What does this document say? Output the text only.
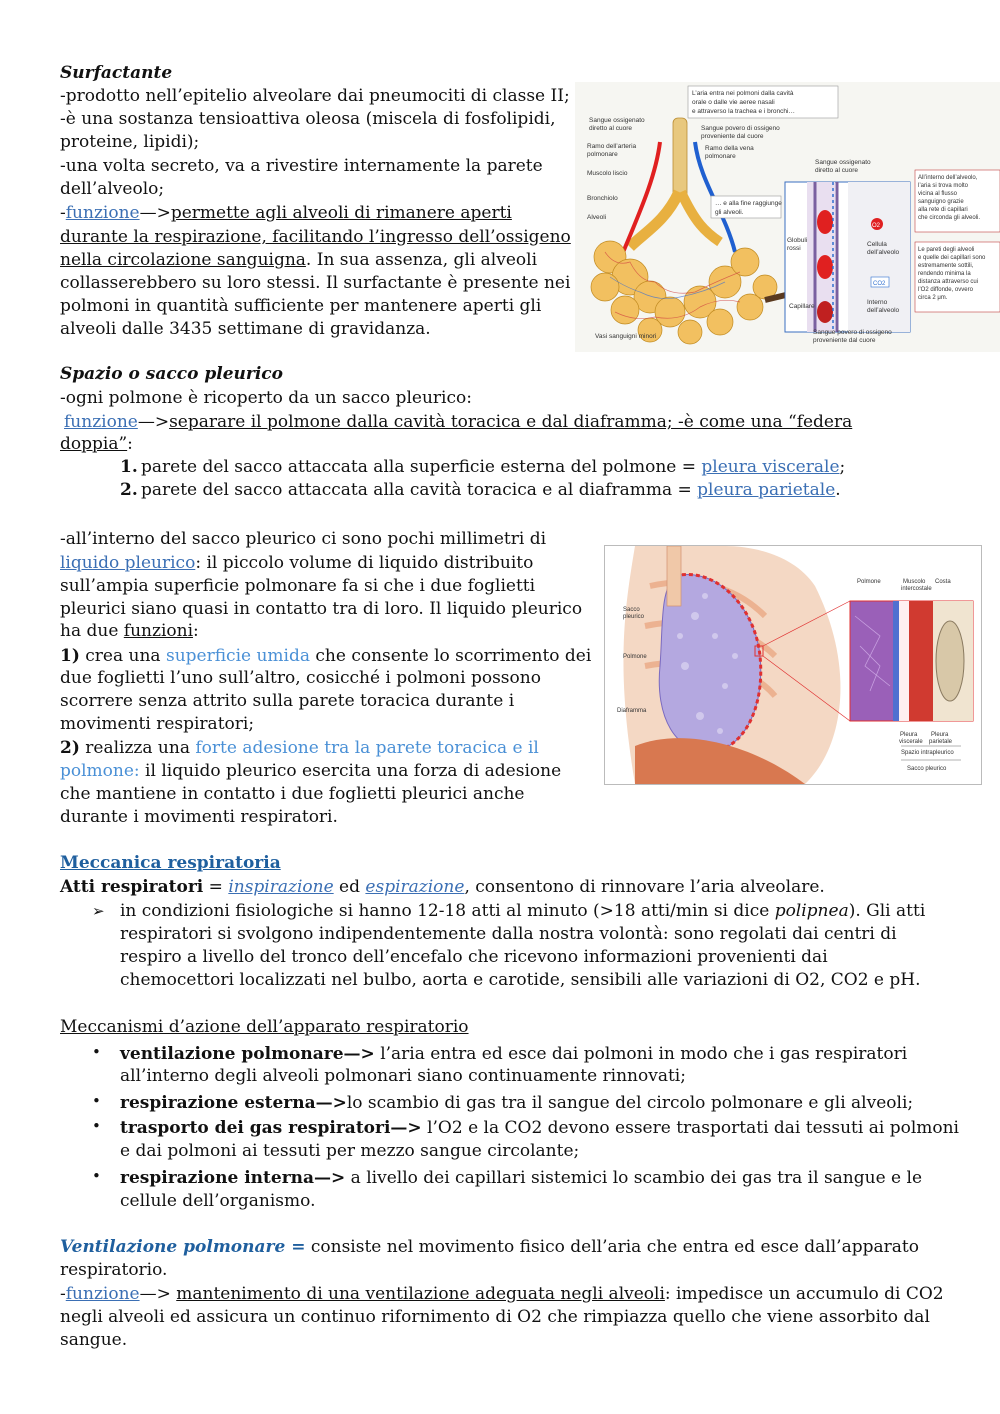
Surfactante
-prodotto nell’epitelio alveolare dai pneumociti di classe II;
-è una sostanza tensioattiva oleosa (miscela di fosfolipidi,
proteine, lipidi);
-una volta secreto, va a rivestire internamente la parete
dell’alveolo;
-funzione—>permette agli alveoli di rimanere aperti
durante la respirazione, facilitando l’ingresso dell’ossigeno
nella circolazione sanguigna. In sua assenza, gli alveoli
collasserebbero su loro stessi. Il surfactante è presente nei
polmoni in quantità sufficiente per mantenere aperti gli
alveoli dalle 3435 settimane di gravidanza.
L’aria entra nei polmoni dalla cavità
orale o dalle vie aeree nasali
e attraverso la trachea e i bronchi…
Sangue ossigenato
diretto al cuore
Ramo dell’arteria
polmonare
Muscolo liscio
Bronchiolo
Alveoli
Sangue povero di ossigeno
proveniente dal cuore
Ramo della vena
polmonare
… e alla fine raggiunge
gli alveoli.
O2
CO2
Sangue ossigenato
diretto al cuore
Globuli
rossi
Cellula
dell’alveolo
Capillare
Interno
dell’alveolo
Vasi sanguigni minori
Sangue povero di ossigeno
proveniente dal cuore
All’interno dell’alveolo,
l’aria si trova molto
vicina al flusso
sanguigno grazie
alla rete di capillari
che circonda gli alveoli.
Le pareti degli alveoli
e quelle dei capillari sono
estremamente sottili,
rendendo minima la
distanza attraverso cui
l’O2 diffonde, ovvero
circa 2 μm.
Spazio o sacco pleurico
-ogni polmone è ricoperto da un sacco pleurico:
funzione—>separare il polmone dalla cavità toracica e dal diaframma; -è come una “federa
doppia”:
1. parete del sacco attaccata alla superficie esterna del polmone = pleura viscerale;
2. parete del sacco attaccata alla cavità toracica e al diaframma = pleura parietale.
-all’interno del sacco pleurico ci sono pochi millimetri di
liquido pleurico: il piccolo volume di liquido distribuito
sull’ampia superficie polmonare fa si che i due foglietti
pleurici siano quasi in contatto tra di loro. Il liquido pleurico
ha due funzioni:
1) crea una superficie umida che consente lo scorrimento dei
due foglietti l’uno sull’altro, cosicché i polmoni possono
scorrere senza attrito sulla parete toracica durante i
movimenti respiratori;
2) realizza una forte adesione tra la parete toracica e il
polmone: il liquido pleurico esercita una forza di adesione
che mantiene in contatto i due foglietti pleurici anche
durante i movimenti respiratori.
Sacco
pleurico
Polmone
Diaframma
Polmone	Muscolo
intercostale
Costa
Pleura
viscerale
Pleura
parietale
Spazio intrapleurico
Sacco pleurico
Meccanica respiratoria
Atti respiratori = inspirazione ed espirazione, consentono di rinnovare l’aria alveolare.
➢ in condizioni fisiologiche si hanno 12-18 atti al minuto (>18 atti/min si dice polipnea). Gli atti
respiratori si svolgono indipendentemente dalla nostra volontà: sono regolati dai centri di
respiro a livello del tronco dell’encefalo che ricevono informazioni provenienti dai
chemocettori localizzati nel bulbo, aorta e carotide, sensibili alle variazioni di O2, CO2 e pH.
Meccanismi d’azione dell’apparato respiratorio
• ventilazione polmonare—> l’aria entra ed esce dai polmoni in modo che i gas respiratori
all’interno degli alveoli polmonari siano continuamente rinnovati;
• respirazione esterna—>lo scambio di gas tra il sangue del circolo polmonare e gli alveoli;
• trasporto dei gas respiratori—> l’O2 e la CO2 devono essere trasportati dai tessuti ai polmoni
e dai polmoni ai tessuti per mezzo sangue circolante;
• respirazione interna—> a livello dei capillari sistemici lo scambio dei gas tra il sangue e le
cellule dell’organismo.
Ventilazione polmonare = consiste nel movimento fisico dell’aria che entra ed esce dall’apparato
respiratorio.
-funzione—> mantenimento di una ventilazione adeguata negli alveoli: impedisce un accumulo di CO2
negli alveoli ed assicura un continuo rifornimento di O2 che rimpiazza quello che viene assorbito dal
sangue.
